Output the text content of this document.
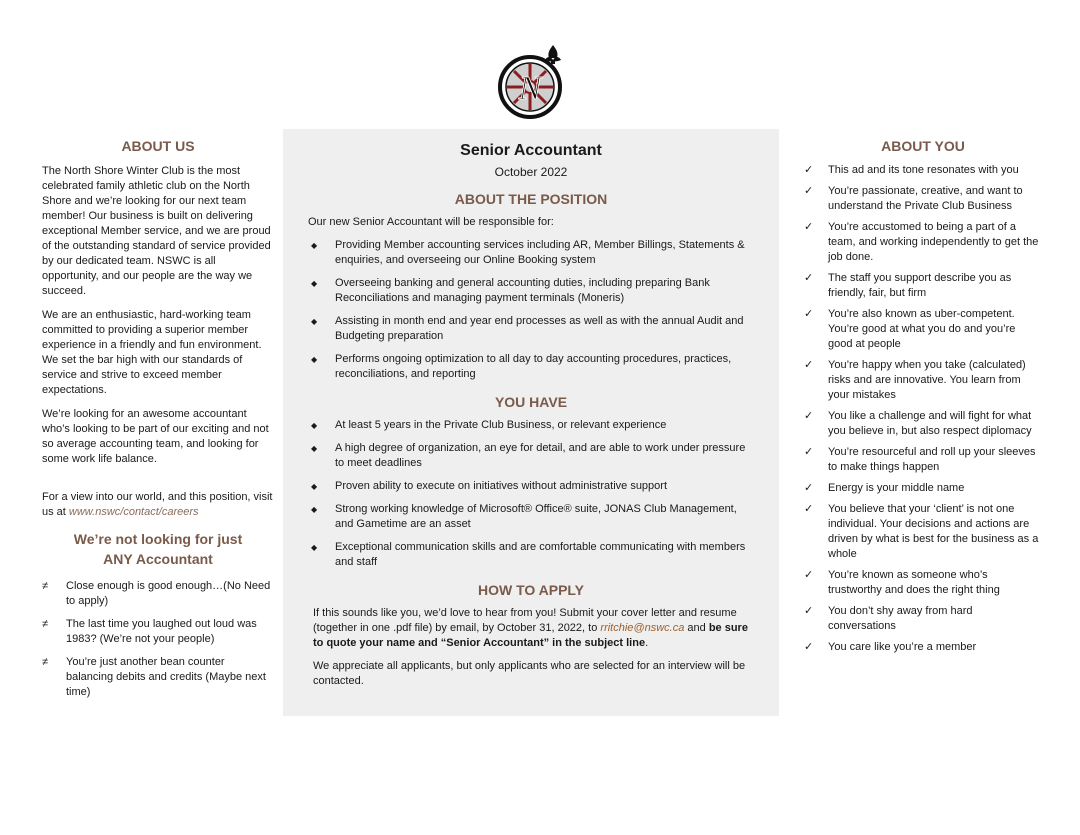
N
ABOUT US

The North Shore Winter Club is the most celebrated family athletic club on the North Shore and we’re looking for our next team member! Our business is built on delivering exceptional Member service, and we are proud of the outstanding standard of service provided by our dedicated team. NSWC is all opportunity, and our people are the way we succeed.

We are an enthusiastic, hard-working team committed to providing a superior member experience in a friendly and fun environment. We set the bar high with our standards of service and strive to exceed member expectations.

We’re looking for an awesome accountant who’s looking to be part of our exciting and not so average accounting team, and looking for some work life balance.

For a view into our world, and this position, visit us at www.nswc/contact/careers

We’re not looking for just
ANY Accountant
≠ Close enough is good enough…(No Need to apply)
≠ The last time you laughed out loud was 1983? (We’re not your people)
≠ You’re just another bean counter balancing debits and credits (Maybe next time)
Senior Accountant
October 2022
ABOUT THE POSITION
Our new Senior Accountant will be responsible for:
◆ Providing Member accounting services including AR, Member Billings, Statements & enquiries, and overseeing our Online Booking system
◆ Overseeing banking and general accounting duties, including preparing Bank Reconciliations and managing payment terminals (Moneris)
◆ Assisting in month end and year end processes as well as with the annual Audit and Budgeting preparation
◆ Performs ongoing optimization to all day to day accounting procedures, practices, reconciliations, and reporting
YOU HAVE
◆ At least 5 years in the Private Club Business, or relevant experience
◆ A high degree of organization, an eye for detail, and are able to work under pressure to meet deadlines
◆ Proven ability to execute on initiatives without administrative support
◆ Strong working knowledge of Microsoft® Office® suite, JONAS Club Management, and Gametime are an asset
◆ Exceptional communication skills and are comfortable communicating with members and staff
HOW TO APPLY

If this sounds like you, we’d love to hear from you! Submit your cover letter and resume (together in one .pdf file) by email, by October 31, 2022, to rritchie@nswc.ca and be sure to quote your name and “Senior Accountant” in the subject line.

We appreciate all applicants, but only applicants who are selected for an interview will be contacted.

ABOUT YOU
✓ This ad and its tone resonates with you
✓ You’re passionate, creative, and want to understand the Private Club Business
✓ You’re accustomed to being a part of a team, and working independently to get the job done.
✓ The staff you support describe you as friendly, fair, but firm
✓ You’re also known as uber-competent. You’re good at what you do and you’re good at people
✓ You’re happy when you take (calculated) risks and are innovative. You learn from your mistakes
✓ You like a challenge and will fight for what you believe in, but also respect diplomacy
✓ You’re resourceful and roll up your sleeves to make things happen
✓ Energy is your middle name
✓ You believe that your ‘client’ is not one individual. Your decisions and actions are driven by what is best for the business as a whole
✓ You’re known as someone who’s trustworthy and does the right thing
✓ You don’t shy away from hard conversations
✓ You care like you’re a member
